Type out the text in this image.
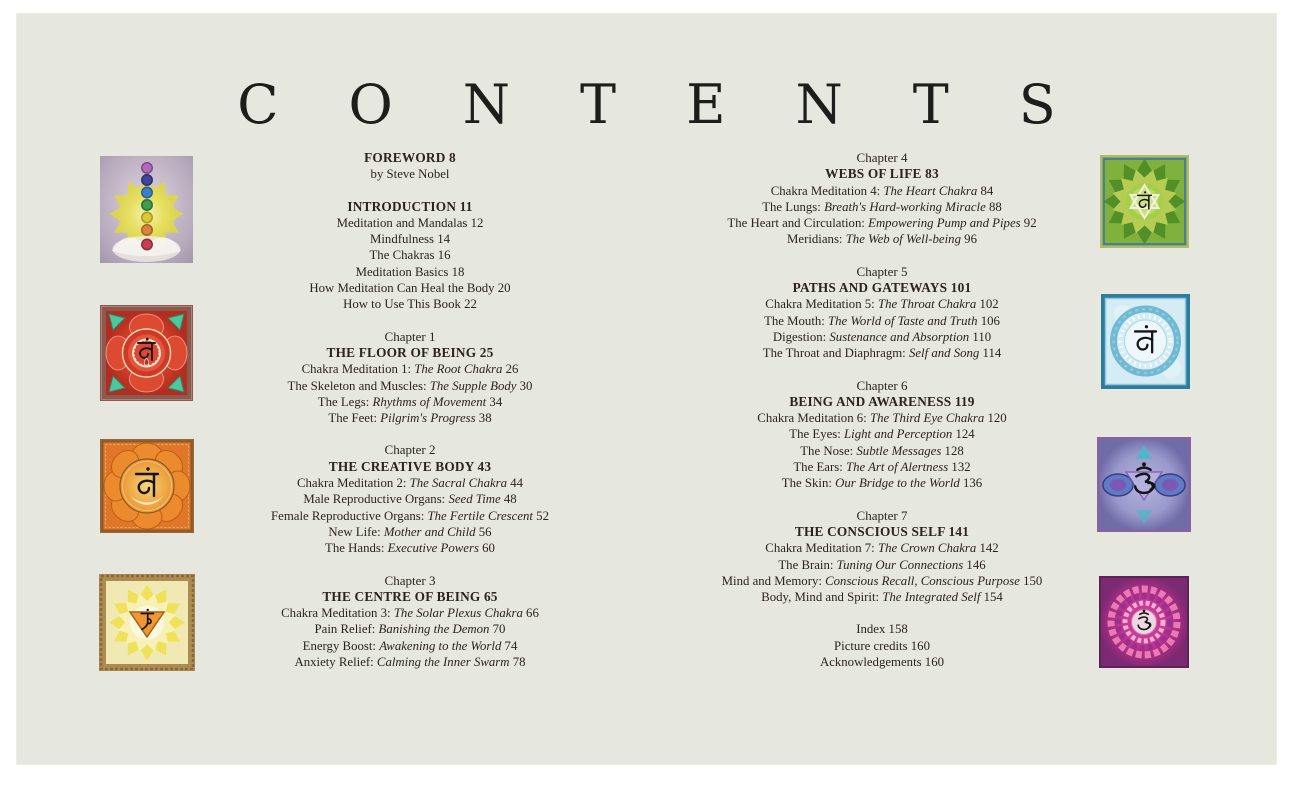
CONTENTS

FOREWORD 8

by Steve Nobel

INTRODUCTION 11

Meditation and Mandalas 12

Mindfulness 14

The Chakras 16

Meditation Basics 18

How Meditation Can Heal the Body 20

How to Use This Book 22

Chapter 1

THE FLOOR OF BEING 25

Chakra Meditation 1: The Root Chakra 26

The Skeleton and Muscles: The Supple Body 30

The Legs: Rhythms of Movement 34

The Feet: Pilgrim's Progress 38

Chapter 2

THE CREATIVE BODY 43

Chakra Meditation 2: The Sacral Chakra 44

Male Reproductive Organs: Seed Time 48

Female Reproductive Organs: The Fertile Crescent 52

New Life: Mother and Child 56

The Hands: Executive Powers 60

Chapter 3

THE CENTRE OF BEING 65

Chakra Meditation 3: The Solar Plexus Chakra 66

Pain Relief: Banishing the Demon 70

Energy Boost: Awakening to the World 74

Anxiety Relief: Calming the Inner Swarm 78

Chapter 4

WEBS OF LIFE 83

Chakra Meditation 4: The Heart Chakra 84

The Lungs: Breath's Hard-working Miracle 88

The Heart and Circulation: Empowering Pump and Pipes 92

Meridians: The Web of Well-being 96

Chapter 5

PATHS AND GATEWAYS 101

Chakra Meditation 5: The Throat Chakra 102

The Mouth: The World of Taste and Truth 106

Digestion: Sustenance and Absorption 110

The Throat and Diaphragm: Self and Song 114

Chapter 6

BEING AND AWARENESS 119

Chakra Meditation 6: The Third Eye Chakra 120

The Eyes: Light and Perception 124

The Nose: Subtle Messages 128

The Ears: The Art of Alertness 132

The Skin: Our Bridge to the World 136

Chapter 7

THE CONSCIOUS SELF 141

Chakra Meditation 7: The Crown Chakra 142

The Brain: Tuning Our Connections 146

Mind and Memory: Conscious Recall, Conscious Purpose 150

Body, Mind and Spirit: The Integrated Self 154

Index 158

Picture credits 160

Acknowledgements 160
